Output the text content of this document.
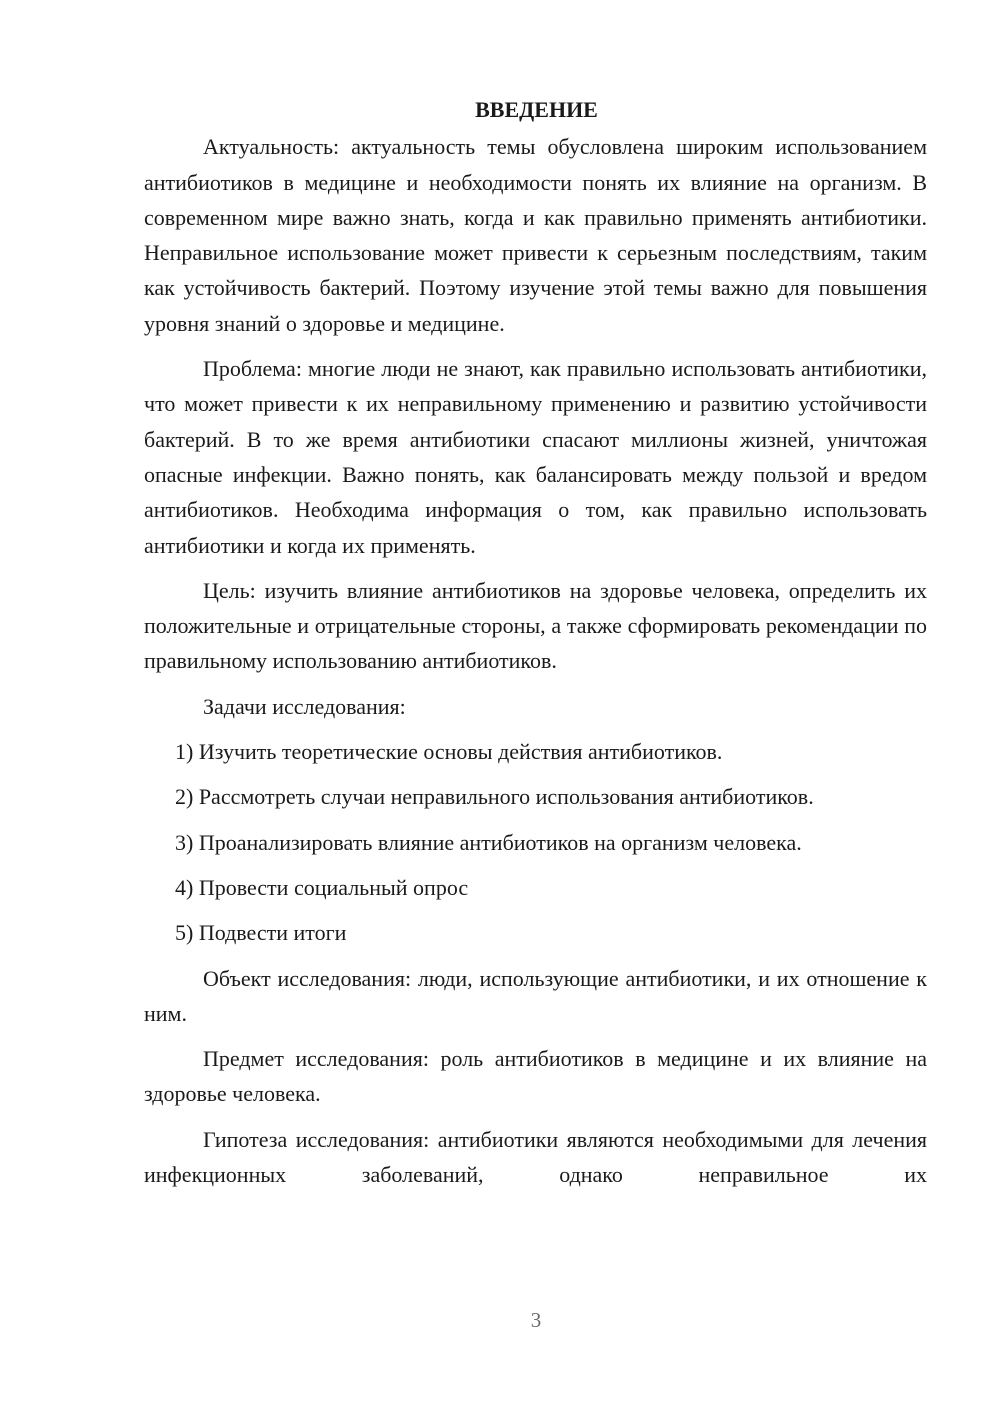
ВВЕДЕНИЕ

Актуальность: актуальность темы обусловлена широким использованием антибиотиков в медицине и необходимости понять их влияние на организм. В современном мире важно знать, когда и как правильно применять антибиотики. Неправильное использование может привести к серьезным последствиям, таким как устойчивость бактерий. Поэтому изучение этой темы важно для повышения уровня знаний о здоровье и медицине.

Проблема: многие люди не знают, как правильно использовать антибиотики, что может привести к их неправильному применению и развитию устойчивости бактерий. В то же время антибиотики спасают миллионы жизней, уничтожая опасные инфекции. Важно понять, как балансировать между пользой и вредом антибиотиков. Необходима информация о том, как правильно использовать антибиотики и когда их применять.

Цель: изучить влияние антибиотиков на здоровье человека, определить их положительные и отрицательные стороны, а также сформировать рекомендации по правильному использованию антибиотиков.

Задачи исследования:

1) Изучить теоретические основы действия антибиотиков.

2) Рассмотреть случаи неправильного использования антибиотиков.

3) Проанализировать влияние антибиотиков на организм человека.

4) Провести социальный опрос

5) Подвести итоги

Объект исследования: люди, использующие антибиотики, и их отношение к ним.

Предмет исследования: роль антибиотиков в медицине и их влияние на здоровье человека.

Гипотеза исследования: антибиотики являются необходимыми для лечения инфекционных заболеваний, однако неправильное их

3
